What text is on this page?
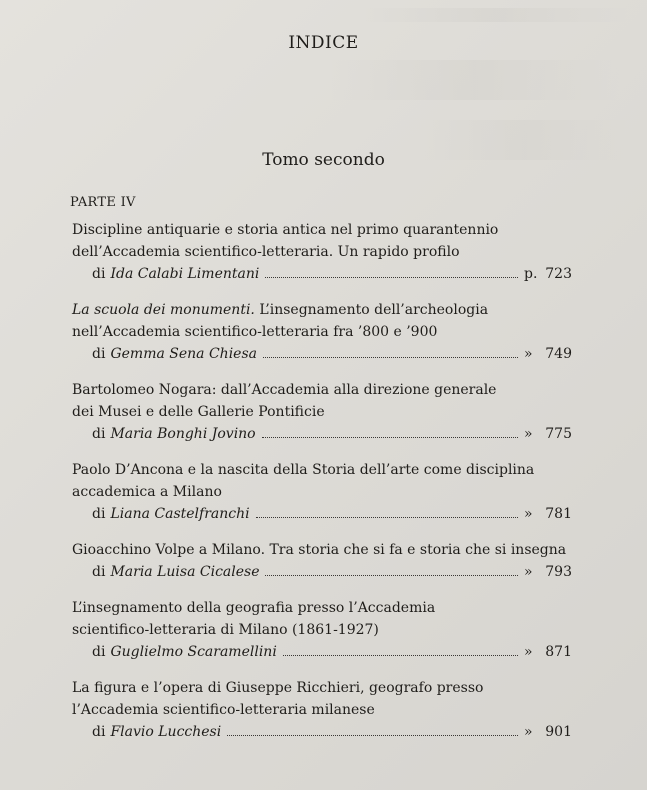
INDICE
Tomo secondo
PARTE IV
Discipline antiquarie e storia antica nel primo quarantennio
dell’Accademia scientifico-letteraria. Un rapido profilo
di Ida Calabi Limentani	p. 723
La scuola dei monumenti. L’insegnamento dell’archeologia
nell’Accademia scientifico-letteraria fra ’800 e ’900
di Gemma Sena Chiesa	» 749
Bartolomeo Nogara: dall’Accademia alla direzione generale
dei Musei e delle Gallerie Pontificie
di Maria Bonghi Jovino	» 775
Paolo D’Ancona e la nascita della Storia dell’arte come disciplina
accademica a Milano
di Liana Castelfranchi	» 781
Gioacchino Volpe a Milano. Tra storia che si fa e storia che si insegna
di Maria Luisa Cicalese	» 793
L’insegnamento della geografia presso l’Accademia
scientifico-letteraria di Milano (1861-1927)
di Guglielmo Scaramellini	» 871
La figura e l’opera di Giuseppe Ricchieri, geografo presso
l’Accademia scientifico-letteraria milanese
di Flavio Lucchesi	» 901
